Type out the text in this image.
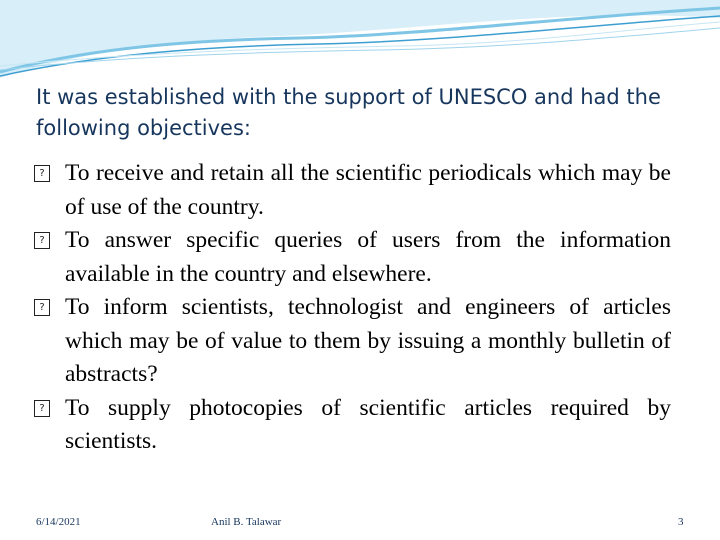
It was established with the support of UNESCO and had the following objectives:

? To receive and retain all the scientific periodicals which may be of use of the country.
? To answer specific queries of users from the information available in the country and elsewhere.
? To inform scientists, technologist and engineers of articles which may be of value to them by issuing a monthly bulletin of abstracts?
? To supply photocopies of scientific articles required by scientists.
6/14/2021	Anil B. Talawar	3
